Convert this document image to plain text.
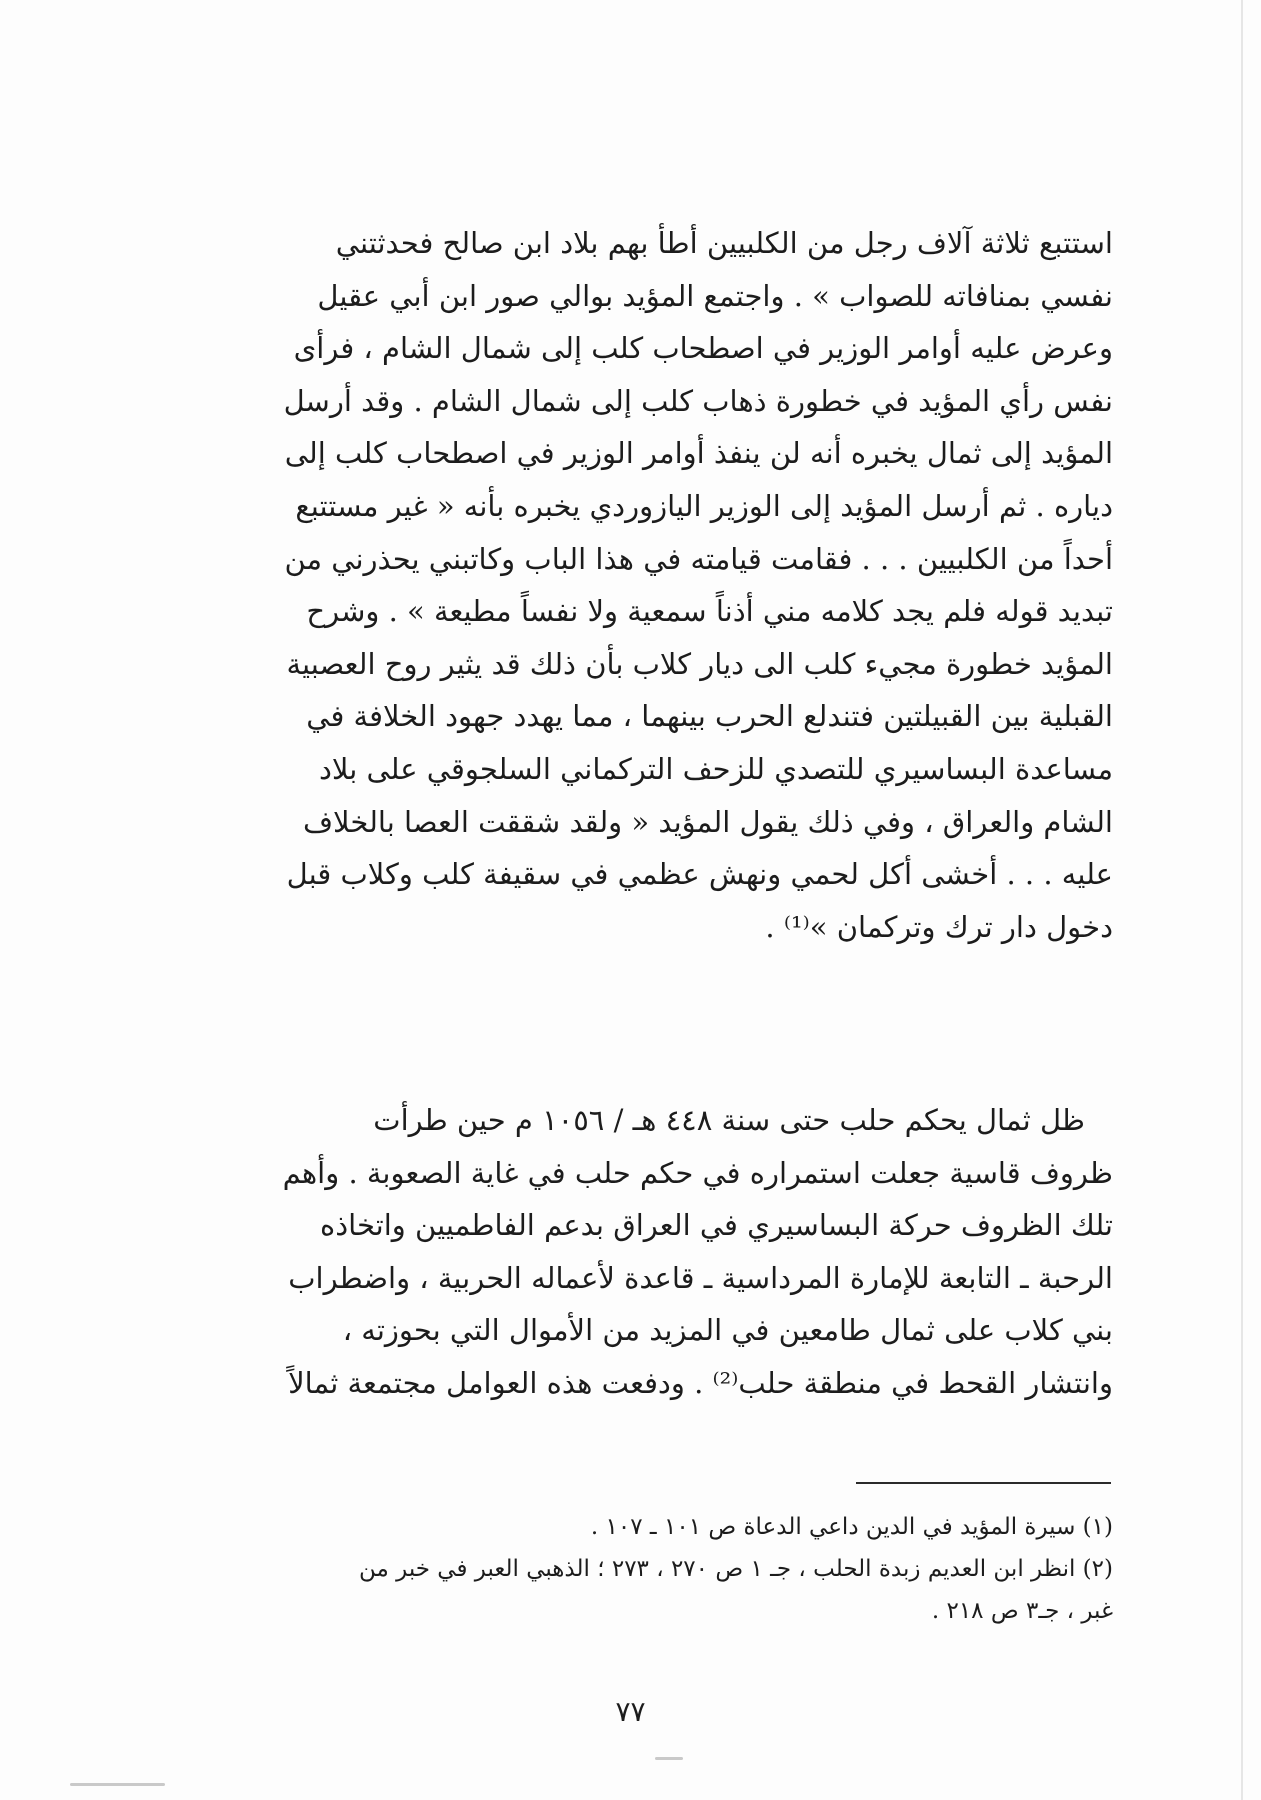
استتبع ثلاثة آلاف رجل من الكلبيين أطأ بهم بلاد ابن صالح فحدثتني
نفسي بمنافاته للصواب » . واجتمع المؤيد بوالي صور ابن أبي عقيل
وعرض عليه أوامر الوزير في اصطحاب كلب إلى شمال الشام ، فرأى
نفس رأي المؤيد في خطورة ذهاب كلب إلى شمال الشام . وقد أرسل
المؤيد إلى ثمال يخبره أنه لن ينفذ أوامر الوزير في اصطحاب كلب إلى
دياره . ثم أرسل المؤيد إلى الوزير اليازوردي يخبره بأنه « غير مستتبع
أحداً من الكلبيين . . . فقامت قيامته في هذا الباب وكاتبني يحذرني من
تبديد قوله فلم يجد كلامه مني أذناً سمعية ولا نفساً مطيعة » . وشرح
المؤيد خطورة مجيء كلب الى ديار كلاب بأن ذلك قد يثير روح العصبية
القبلية بين القبيلتين فتندلع الحرب بينهما ، مما يهدد جهود الخلافة في
مساعدة البساسيري للتصدي للزحف التركماني السلجوقي على بلاد
الشام والعراق ، وفي ذلك يقول المؤيد « ولقد شققت العصا بالخلاف
عليه . . . أخشى أكل لحمي ونهش عظمي في سقيفة كلب وكلاب قبل
دخول دار ترك وتركمان »⁽¹⁾ .
ظل ثمال يحكم حلب حتى سنة ٤٤٨ هـ / ١٠٥٦ م حين طرأت
ظروف قاسية جعلت استمراره في حكم حلب في غاية الصعوبة . وأهم
تلك الظروف حركة البساسيري في العراق بدعم الفاطميين واتخاذه
الرحبة ـ التابعة للإمارة المرداسية ـ قاعدة لأعماله الحربية ، واضطراب
بني كلاب على ثمال طامعين في المزيد من الأموال التي بحوزته ،
وانتشار القحط في منطقة حلب⁽²⁾ . ودفعت هذه العوامل مجتمعة ثمالاً
(١) سيرة المؤيد في الدين داعي الدعاة ص ١٠١ ـ ١٠٧ .
(٢) انظر ابن العديم زبدة الحلب ، جـ ١ ص ٢٧٠ ، ٢٧٣ ؛ الذهبي العبر في خبر من
غبر ، جـ٣ ص ٢١٨ .
٧٧
